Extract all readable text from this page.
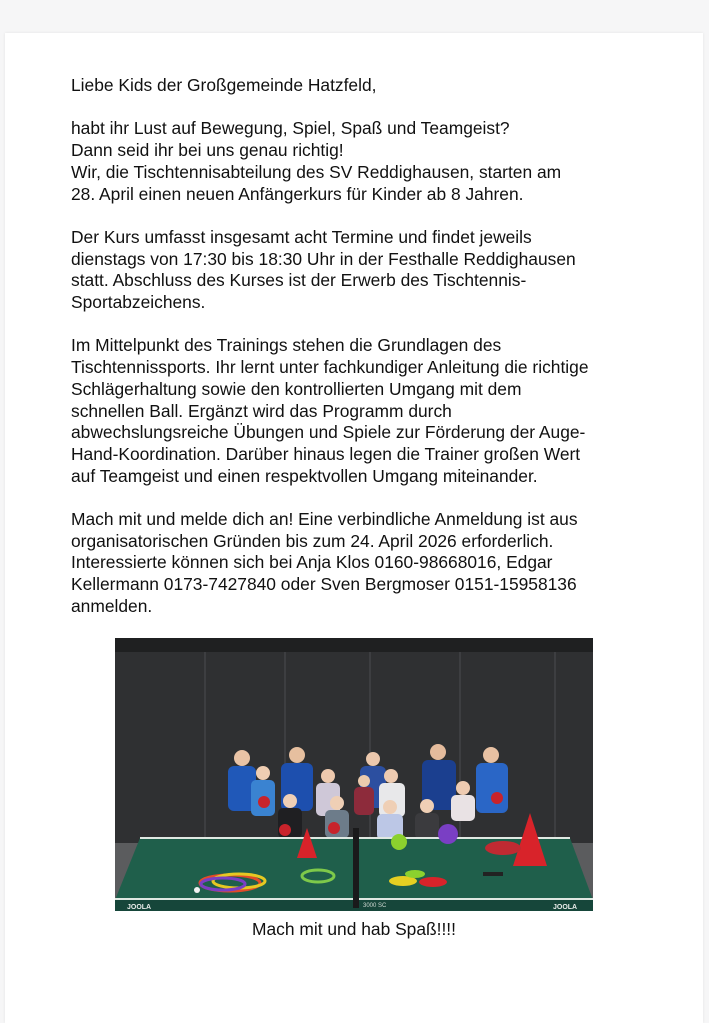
Liebe Kids der Großgemeinde Hatzfeld,

habt ihr Lust auf Bewegung, Spiel, Spaß und Teamgeist?
Dann seid ihr bei uns genau richtig!
Wir, die Tischtennisabteilung des SV Reddighausen, starten am
28. April einen neuen Anfängerkurs für Kinder ab 8 Jahren.

Der Kurs umfasst insgesamt acht Termine und findet jeweils
dienstags von 17:30 bis 18:30 Uhr in der Festhalle Reddighausen
statt. Abschluss des Kurses ist der Erwerb des Tischtennis-
Sportabzeichens.

Im Mittelpunkt des Trainings stehen die Grundlagen des
Tischtennissports. Ihr lernt unter fachkundiger Anleitung die richtige
Schlägerhaltung sowie den kontrollierten Umgang mit dem
schnellen Ball. Ergänzt wird das Programm durch
abwechslungsreiche Übungen und Spiele zur Förderung der Auge-
Hand-Koordination. Darüber hinaus legen die Trainer großen Wert
auf Teamgeist und einen respektvollen Umgang miteinander.

Mach mit und melde dich an! Eine verbindliche Anmeldung ist aus
organisatorischen Gründen bis zum 24. April 2026 erforderlich.
Interessierte können sich bei Anja Klos 0160-98668016, Edgar
Kellermann 0173-7427840 oder Sven Bergmoser 0151-15958136
anmelden.

JOOLA	JOOLA
3000 SC
Mach mit und hab Spaß!!!!
